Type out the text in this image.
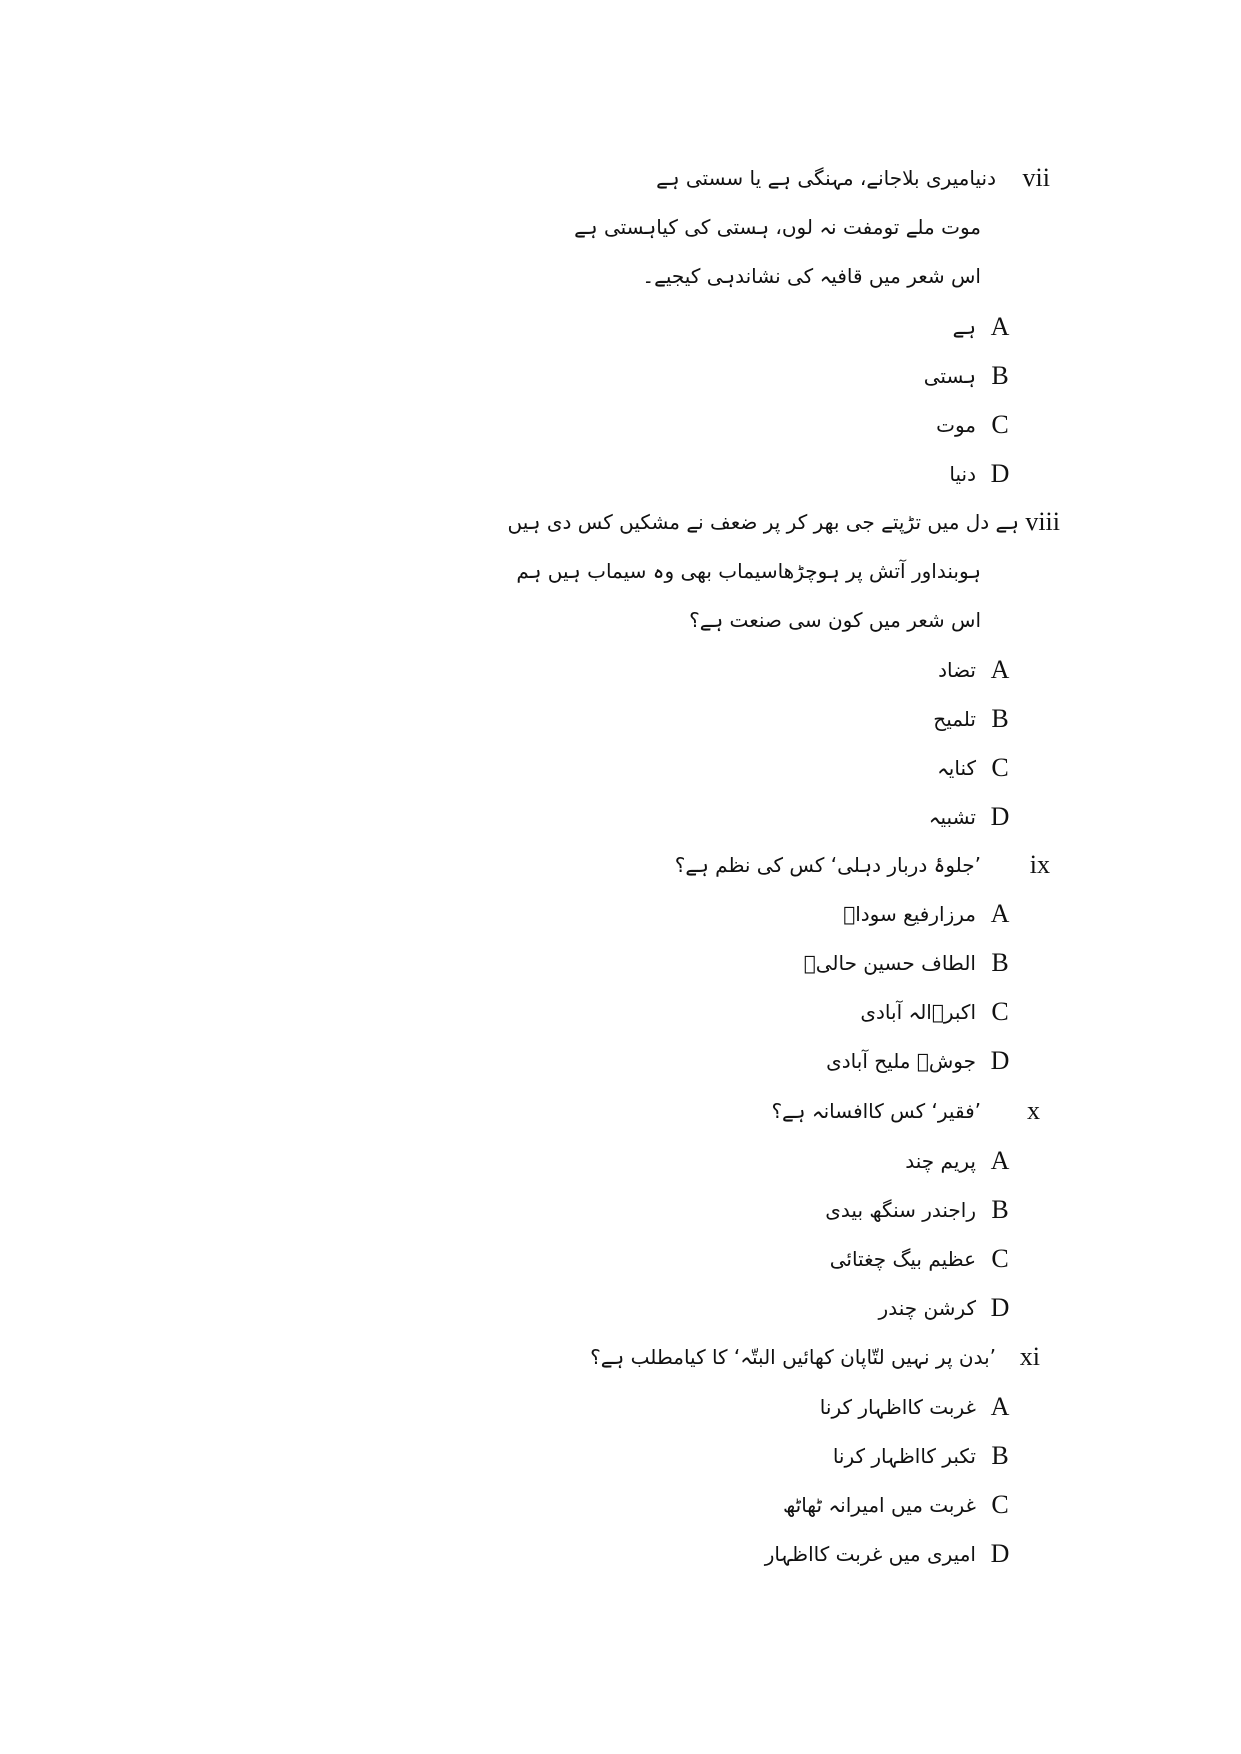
vii
دنیامیری بلاجانے، مہنگی ہے یا سستی ہے
موت ملے تومفت نہ لوں، ہستی کی کیاہستی ہے
اس شعر میں قافیہ کی نشاندہی کیجیے۔
A
ہے
B
ہستی
C
موت
D
دنیا
viii
ہے دل میں تڑپتے جی بھر کر پر ضعف نے مشکیں کس دی ہیں
ہوبنداور آتش پر ہوچڑھاسیماب بھی وہ سیماب ہیں ہم
اس شعر میں کون سی صنعت ہے؟
A
تضاد
B
تلمیح
C
کنایہ
D
تشبیہ
ix
’جلوۂ دربار دہلی‘ کس کی نظم ہے؟
A
مرزارفیع سوداؔ
B
الطاف حسین حالیؔ
C
اکبرؔالہ آبادی
D
جوشؔ ملیح آبادی
x
’فقیر‘ کس کاافسانہ ہے؟
A
پریم چند
B
راجندر سنگھ بیدی
C
عظیم بیگ چغتائی
D
کرشن چندر
xi
’بدن پر نہیں لتّاپان کھائیں البتّہ‘ کا کیامطلب ہے؟
A
غربت کااظہار کرنا
B
تکبر کااظہار کرنا
C
غربت میں امیرانہ ٹھاٹھ
D
امیری میں غربت کااظہار
